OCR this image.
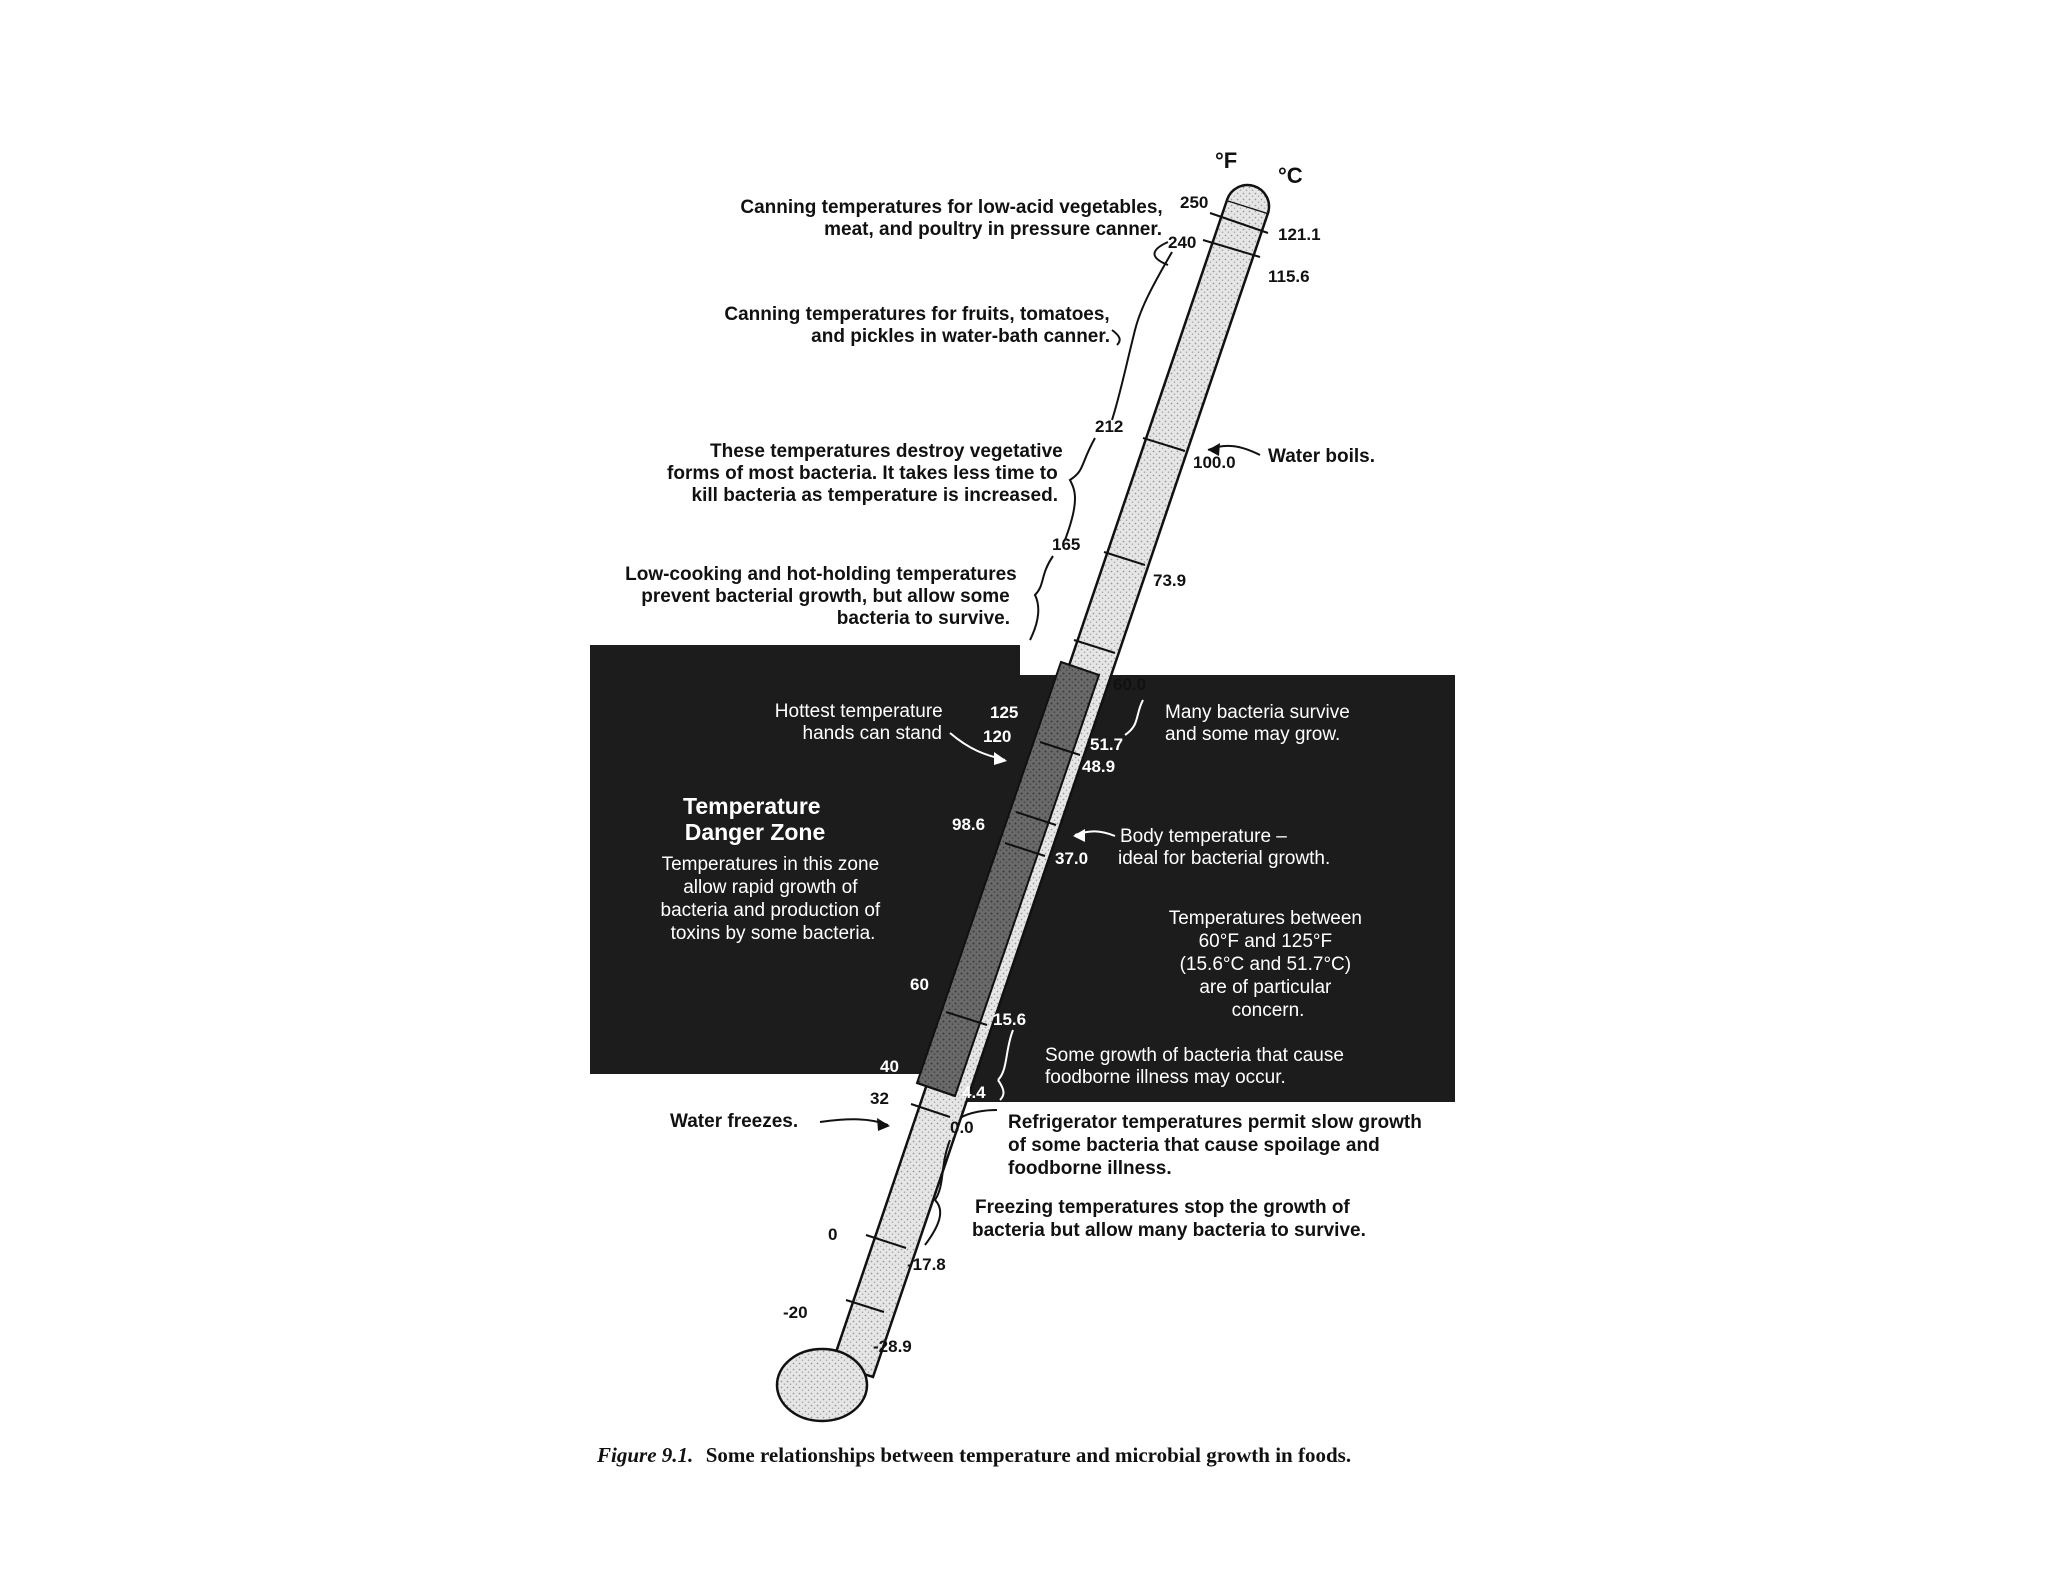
°F
°C
250
240
212
165
140
125
120
98.6
60
40
32
0
-20
121.1
115.6
100.0
73.9
60.0
51.7
48.9
37.0
15.6
4.4
0.0
-17.8
-28.9
Canning temperatures for low-acid vegetables, meat, and poultry in pressure canner.
Canning temperatures for fruits, tomatoes, and pickles in water-bath canner.
These temperatures destroy vegetative forms of most bacteria. It takes less time to kill bacteria as temperature is increased.
Low-cooking and hot-holding temperatures prevent bacterial growth, but allow some bacteria to survive.
Water boils.
Water freezes.	Refrigerator temperatures permit slow growth of some bacteria that cause spoilage and foodborne illness.
Freezing temperatures stop the growth of bacteria but allow many bacteria to survive.
Hottest temperature hands can stand
Many bacteria survive and some may grow.
Temperature Danger Zone
Temperatures in this zone allow rapid growth of bacteria and production of toxins by some bacteria.
Body temperature – ideal for bacterial growth.
Temperatures between 60°F and 125°F (15.6°C and 51.7°C) are of particular concern.
Some growth of bacteria that cause foodborne illness may occur.
Figure 9.1. Some relationships between temperature and microbial growth in foods.
